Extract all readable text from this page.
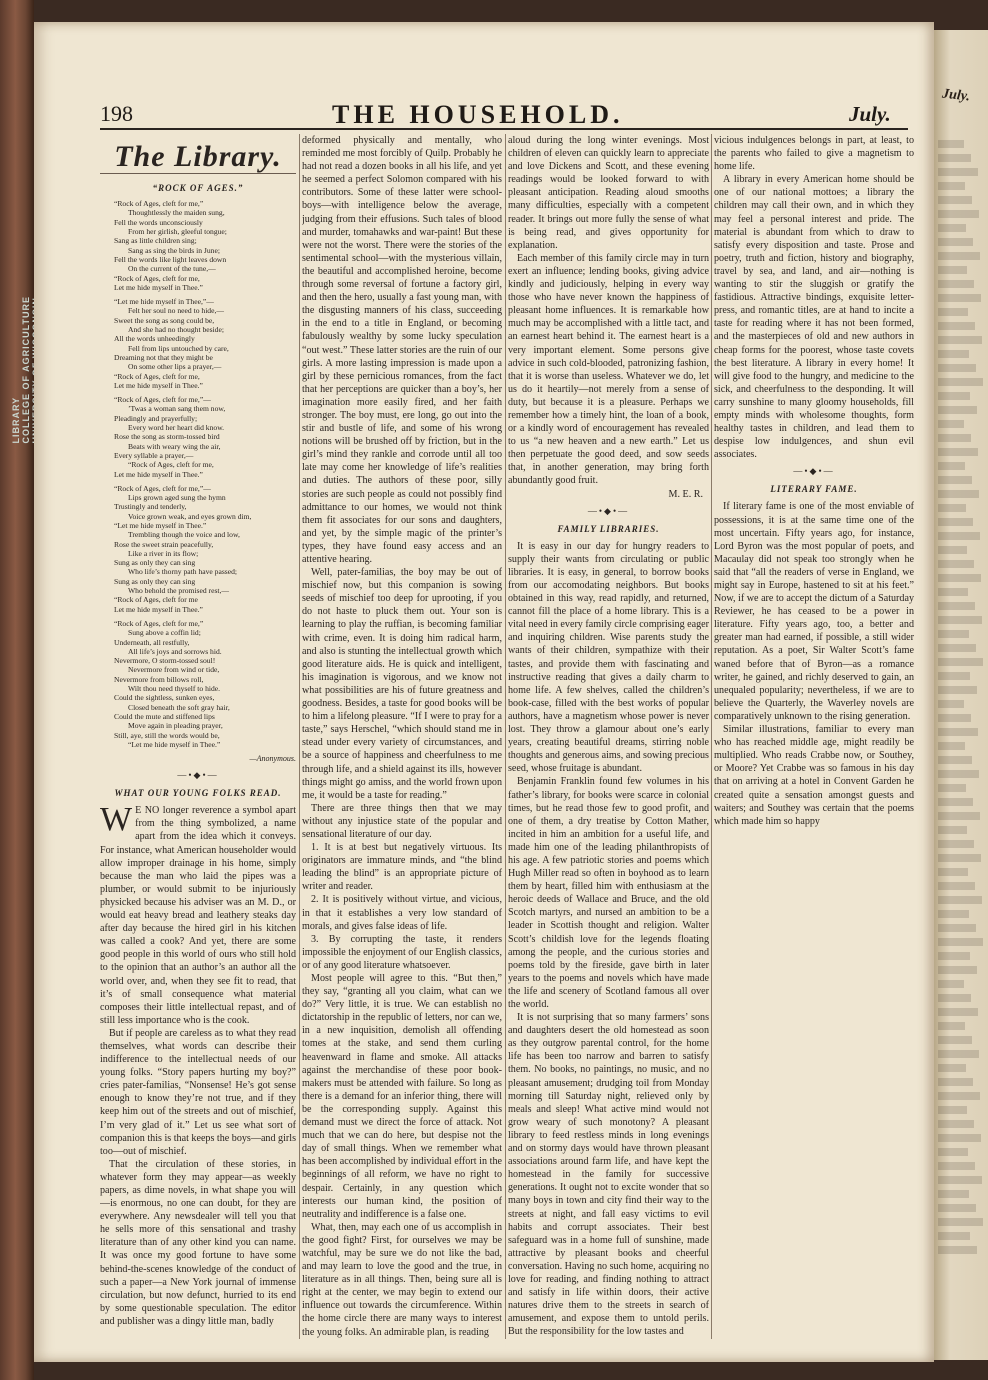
LIBRARY COLLEGE OF AGRICULTURE
July.
198	THE HOUSEHOLD.	July.
The Library.
“ROCK OF AGES.”
“Rock of Ages, cleft for me,”
Thoughtlessly the maiden sung,
Fell the words unconsciously
From her girlish, gleeful tongue;
Sang as little children sing;
Sang as sing the birds in June;
Fell the words like light leaves down
On the current of the tune,—
“Rock of Ages, cleft for me,
Let me hide myself in Thee.”
“Let me hide myself in Thee,”—
Felt her soul no need to hide,—
Sweet the song as song could be,
And she had no thought beside;
All the words unheedingly
Fell from lips untouched by care,
Dreaming not that they might be
On some other lips a prayer,—
“Rock of Ages, cleft for me,
Let me hide myself in Thee.”
“Rock of Ages, cleft for me,”—
’Twas a woman sang them now,
Pleadingly and prayerfully;
Every word her heart did know.
Rose the song as storm-tossed bird
Beats with weary wing the air,
Every syllable a prayer,—
“Rock of Ages, cleft for me,
Let me hide myself in Thee.”
“Rock of Ages, cleft for me,”—
Lips grown aged sung the hymn
Trustingly and tenderly,
Voice grown weak, and eyes grown dim,
“Let me hide myself in Thee.”
Trembling though the voice and low,
Rose the sweet strain peacefully,
Like a river in its flow;
Sung as only they can sing
Who life’s thorny path have passed;
Sung as only they can sing
Who behold the promised rest,—
“Rock of Ages, cleft for me
Let me hide myself in Thee.”
“Rock of Ages, cleft for me,”
Sung above a coffin lid;
Underneath, all restfully,
All life’s joys and sorrows hid.
Nevermore, O storm-tossed soul!
Nevermore from wind or tide,
Nevermore from billows roll,
Wilt thou need thyself to hide.
Could the sightless, sunken eyes,
Closed beneath the soft gray hair,
Could the mute and stiffened lips
Move again in pleading prayer,
Still, aye, still the words would be,
“Let me hide myself in Thee.”
—Anonymous.
—•◆•—
WHAT OUR YOUNG FOLKS READ.

W E NO longer reverence a symbol apart from the thing symbolized, a name apart from the idea which it conveys. For instance, what American householder would allow improper drainage in his home, simply because the man who laid the pipes was a plumber, or would submit to be injuriously physicked because his adviser was an M. D., or would eat heavy bread and leathery steaks day after day because the hired girl in his kitchen was called a cook? And yet, there are some good people in this world of ours who still hold to the opinion that an author’s an author all the world over, and, when they see fit to read, that it’s of small consequence what material composes their little intellectual repast, and of still less importance who is the cook.

But if people are careless as to what they read themselves, what words can describe their indifference to the intellectual needs of our young folks. “Story papers hurting my boy?” cries pater-familias, “Nonsense! He’s got sense enough to know they’re not true, and if they keep him out of the streets and out of mischief, I’m very glad of it.” Let us see what sort of companion this is that keeps the boys—and girls too—out of mischief.

That the circulation of these stories, in whatever form they may appear—as weekly papers, as dime novels, in what shape you will—is enormous, no one can doubt, for they are everywhere. Any newsdealer will tell you that he sells more of this sensational and trashy literature than of any other kind you can name. It was once my good fortune to have some behind-the-scenes knowledge of the conduct of such a paper—a New York journal of immense circulation, but now defunct, hurried to its end by some questionable speculation. The editor and publisher was a dingy little man, badly

deformed physically and mentally, who reminded me most forcibly of Quilp. Probably he had not read a dozen books in all his life, and yet he seemed a perfect Solomon compared with his contributors. Some of these latter were school-boys—with intelligence below the average, judging from their effusions. Such tales of blood and murder, tomahawks and war-paint! But these were not the worst. There were the stories of the sentimental school—with the mysterious villain, the beautiful and accomplished heroine, become through some reversal of fortune a factory girl, and then the hero, usually a fast young man, with the disgusting manners of his class, succeeding in the end to a title in England, or becoming fabulously wealthy by some lucky speculation “out west.” These latter stories are the ruin of our girls. A more lasting impression is made upon a girl by these pernicious romances, from the fact that her perceptions are quicker than a boy’s, her imagination more easily fired, and her faith stronger. The boy must, ere long, go out into the stir and bustle of life, and some of his wrong notions will be brushed off by friction, but in the girl’s mind they rankle and corrode until all too late may come her knowledge of life’s realities and duties. The authors of these poor, silly stories are such people as could not possibly find admittance to our homes, we would not think them fit associates for our sons and daughters, and yet, by the simple magic of the printer’s types, they have found easy access and an attentive hearing.

Well, pater-familias, the boy may be out of mischief now, but this companion is sowing seeds of mischief too deep for uprooting, if you do not haste to pluck them out. Your son is learning to play the ruffian, is becoming familiar with crime, even. It is doing him radical harm, and also is stunting the intellectual growth which good literature aids. He is quick and intelligent, his imagination is vigorous, and we know not what possibilities are his of future greatness and goodness. Besides, a taste for good books will be to him a lifelong pleasure. “If I were to pray for a taste,” says Herschel, “which should stand me in stead under every variety of circumstances, and be a source of happiness and cheerfulness to me through life, and a shield against its ills, however things might go amiss, and the world frown upon me, it would be a taste for reading.”

There are three things then that we may without any injustice state of the popular and sensational literature of our day.

1. It is at best but negatively virtuous. Its originators are immature minds, and “the blind leading the blind” is an appropriate picture of writer and reader.

2. It is positively without virtue, and vicious, in that it establishes a very low standard of morals, and gives false ideas of life.

3. By corrupting the taste, it renders impossible the enjoyment of our English classics, or of any good literature whatsoever.

Most people will agree to this. “But then,” they say, “granting all you claim, what can we do?” Very little, it is true. We can establish no dictatorship in the republic of letters, nor can we, in a new inquisition, demolish all offending tomes at the stake, and send them curling heavenward in flame and smoke. All attacks against the merchandise of these poor book-makers must be attended with failure. So long as there is a demand for an inferior thing, there will be the corresponding supply. Against this demand must we direct the force of attack. Not much that we can do here, but despise not the day of small things. When we remember what has been accomplished by individual effort in the beginnings of all reform, we have no right to despair. Certainly, in any question which interests our human kind, the position of neutrality and indifference is a false one.

What, then, may each one of us accomplish in the good fight? First, for ourselves we may be watchful, may be sure we do not like the bad, and may learn to love the good and the true, in literature as in all things. Then, being sure all is right at the center, we may begin to extend our influence out towards the circumference. Within the home circle there are many ways to interest the young folks. An admirable plan, is reading

aloud during the long winter evenings. Most children of eleven can quickly learn to appreciate and love Dickens and Scott, and these evening readings would be looked forward to with pleasant anticipation. Reading aloud smooths many difficulties, especially with a competent reader. It brings out more fully the sense of what is being read, and gives opportunity for explanation.

Each member of this family circle may in turn exert an influence; lending books, giving advice kindly and judiciously, helping in every way those who have never known the happiness of pleasant home influences. It is remarkable how much may be accomplished with a little tact, and an earnest heart behind it. The earnest heart is a very important element. Some persons give advice in such cold-blooded, patronizing fashion, that it is worse than useless. Whatever we do, let us do it heartily—not merely from a sense of duty, but because it is a pleasure. Perhaps we remember how a timely hint, the loan of a book, or a kindly word of encouragement has revealed to us “a new heaven and a new earth.” Let us then perpetuate the good deed, and sow seeds that, in another generation, may bring forth abundantly good fruit.

M. E. R.
—•◆•—
FAMILY LIBRARIES.

It is easy in our day for hungry readers to supply their wants from circulating or public libraries. It is easy, in general, to borrow books from our accomodating neighbors. But books obtained in this way, read rapidly, and returned, cannot fill the place of a home library. This is a vital need in every family circle comprising eager and inquiring children. Wise parents study the wants of their children, sympathize with their tastes, and provide them with fascinating and instructive reading that gives a daily charm to home life. A few shelves, called the children’s book-case, filled with the best works of popular authors, have a magnetism whose power is never lost. They throw a glamour about one’s early years, creating beautiful dreams, stirring noble thoughts and generous aims, and sowing precious seed, whose fruitage is abundant.

Benjamin Franklin found few volumes in his father’s library, for books were scarce in colonial times, but he read those few to good profit, and one of them, a dry treatise by Cotton Mather, incited in him an ambition for a useful life, and made him one of the leading philanthropists of his age. A few patriotic stories and poems which Hugh Miller read so often in boyhood as to learn them by heart, filled him with enthusiasm at the heroic deeds of Wallace and Bruce, and the old Scotch martyrs, and nursed an ambition to be a leader in Scottish thought and religion. Walter Scott’s childish love for the legends floating among the people, and the curious stories and poems told by the fireside, gave birth in later years to the poems and novels which have made the life and scenery of Scotland famous all over the world.

It is not surprising that so many farmers’ sons and daughters desert the old homestead as soon as they outgrow parental control, for the home life has been too narrow and barren to satisfy them. No books, no paintings, no music, and no pleasant amusement; drudging toil from Monday morning till Saturday night, relieved only by meals and sleep! What active mind would not grow weary of such monotony? A pleasant library to feed restless minds in long evenings and on stormy days would have thrown pleasant associations around farm life, and have kept the homestead in the family for successive generations. It ought not to excite wonder that so many boys in town and city find their way to the streets at night, and fall easy victims to evil habits and corrupt associates. Their best safeguard was in a home full of sunshine, made attractive by pleasant books and cheerful conversation. Having no such home, acquiring no love for reading, and finding nothing to attract and satisfy in life within doors, their active natures drive them to the streets in search of amusement, and expose them to untold perils. But the responsibility for the low tastes and

vicious indulgences belongs in part, at least, to the parents who failed to give a magnetism to home life.

A library in every American home should be one of our national mottoes; a library the children may call their own, and in which they may feel a personal interest and pride. The material is abundant from which to draw to satisfy every disposition and taste. Prose and poetry, truth and fiction, history and biography, travel by sea, and land, and air—nothing is wanting to stir the sluggish or gratify the fastidious. Attractive bindings, exquisite letter-press, and romantic titles, are at hand to incite a taste for reading where it has not been formed, and the masterpieces of old and new authors in cheap forms for the poorest, whose taste covets the best literature. A library in every home! It will give food to the hungry, and medicine to the sick, and cheerfulness to the desponding. It will carry sunshine to many gloomy households, fill empty minds with wholesome thoughts, form healthy tastes in children, and lead them to despise low indulgences, and shun evil associates.

—•◆•—
LITERARY FAME.

If literary fame is one of the most enviable of possessions, it is at the same time one of the most uncertain. Fifty years ago, for instance, Lord Byron was the most popular of poets, and Macaulay did not speak too strongly when he said that “all the readers of verse in England, we might say in Europe, hastened to sit at his feet.” Now, if we are to accept the dictum of a Saturday Reviewer, he has ceased to be a power in literature. Fifty years ago, too, a better and greater man had earned, if possible, a still wider reputation. As a poet, Sir Walter Scott’s fame waned before that of Byron—as a romance writer, he gained, and richly deserved to gain, an unequaled popularity; nevertheless, if we are to believe the Quarterly, the Waverley novels are comparatively unknown to the rising generation.

Similar illustrations, familiar to every man who has reached middle age, might readily be multiplied. Who reads Crabbe now, or Southey, or Moore? Yet Crabbe was so famous in his day that on arriving at a hotel in Convent Garden he created quite a sensation amongst guests and waiters; and Southey was certain that the poems which made him so happy
